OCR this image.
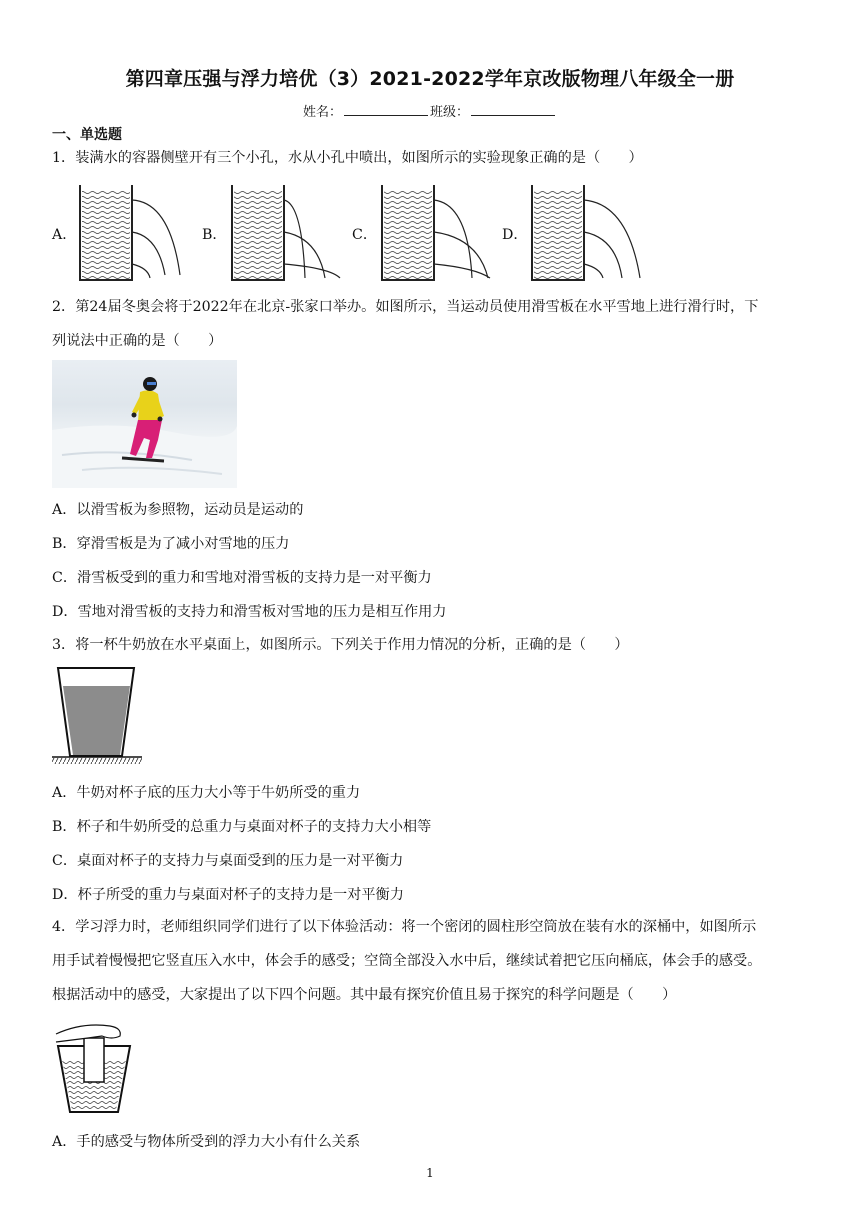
第四章压强与浮力培优（3）2021-2022学年京改版物理八年级全一册
姓名：	班级：
一、单选题
1．装满水的容器侧壁开有三个小孔，水从小孔中喷出，如图所示的实验现象正确的是（　　）
A．	B．	C．	D．
2．第24届冬奥会将于2022年在北京-张家口举办。如图所示，当运动员使用滑雪板在水平雪地上进行滑行时，下
列说法中正确的是（　　）
A．以滑雪板为参照物，运动员是运动的
B．穿滑雪板是为了减小对雪地的压力
C．滑雪板受到的重力和雪地对滑雪板的支持力是一对平衡力
D．雪地对滑雪板的支持力和滑雪板对雪地的压力是相互作用力
3．将一杯牛奶放在水平桌面上，如图所示。下列关于作用力情况的分析，正确的是（　　）
A．牛奶对杯子底的压力大小等于牛奶所受的重力
B．杯子和牛奶所受的总重力与桌面对杯子的支持力大小相等
C．桌面对杯子的支持力与桌面受到的压力是一对平衡力
D．杯子所受的重力与桌面对杯子的支持力是一对平衡力
4．学习浮力时，老师组织同学们进行了以下体验活动：将一个密闭的圆柱形空筒放在装有水的深桶中，如图所示
用手试着慢慢把它竖直压入水中，体会手的感受；空筒全部没入水中后，继续试着把它压向桶底，体会手的感受。
根据活动中的感受，大家提出了以下四个问题。其中最有探究价值且易于探究的科学问题是（　　）
A．手的感受与物体所受到的浮力大小有什么关系
1
